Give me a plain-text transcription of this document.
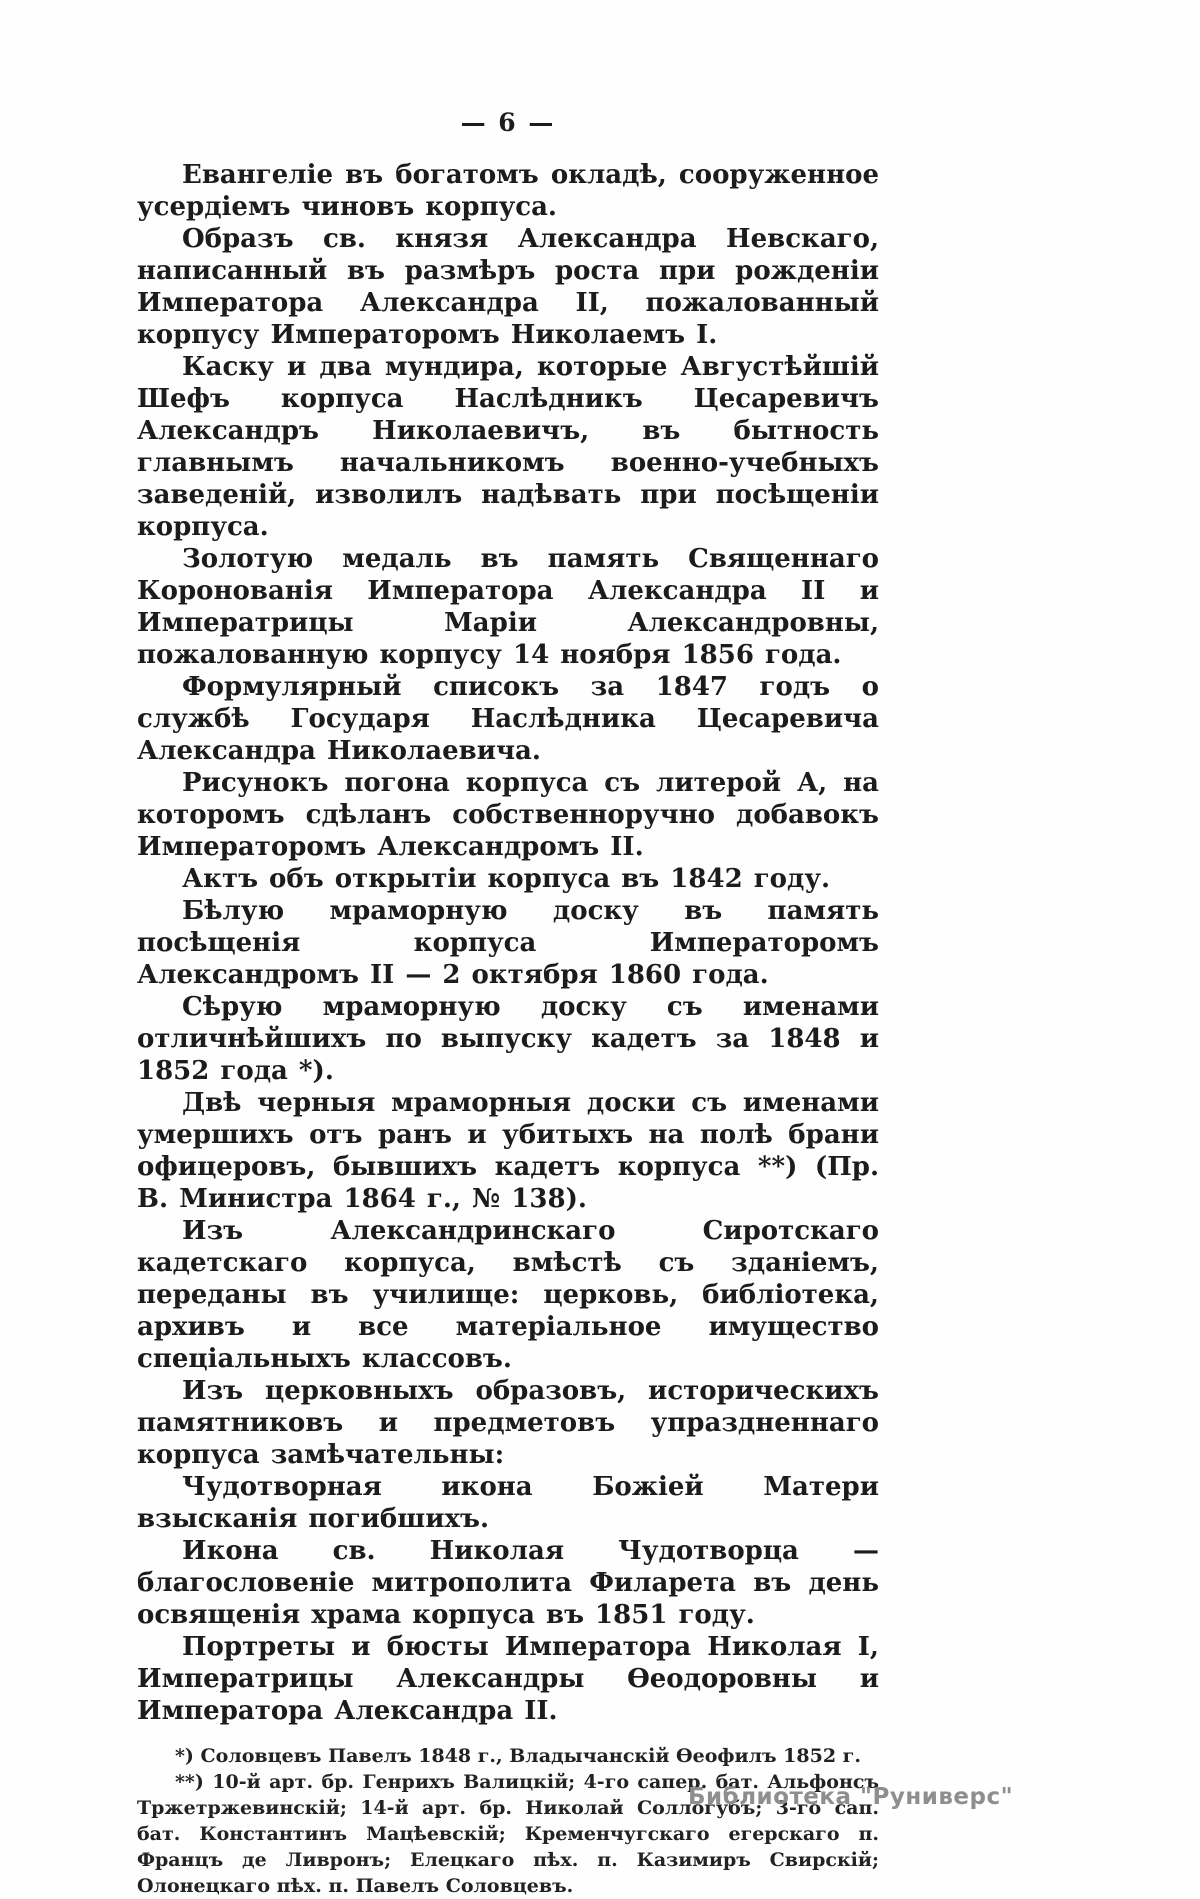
— 6 —

Евангеліе въ богатомъ окладѣ, сооруженное усердіемъ чиновъ корпуса.

Образъ св. князя Александра Невскаго, написанный въ размѣръ роста при рожденіи Императора Александра II, пожалованный корпусу Императоромъ Николаемъ I.

Каску и два мундира, которые Августѣйшій Шефъ корпуса Наслѣдникъ Цесаревичъ Александръ Николаевичъ, въ бытность главнымъ начальникомъ военно-учебныхъ заведеній, изволилъ надѣвать при посѣщеніи корпуса.

Золотую медаль въ память Священнаго Коронованія Императора Александра II и Императрицы Маріи Александровны, пожалованную корпусу 14 ноября 1856 года.

Формулярный списокъ за 1847 годъ о службѣ Государя Наслѣдника Цесаревича Александра Николаевича.

Рисунокъ погона корпуса съ литерой А, на которомъ сдѣланъ собственноручно добавокъ Императоромъ Александромъ II.

Актъ объ открытіи корпуса въ 1842 году.

Бѣлую мраморную доску въ память посѣщенія корпуса Императоромъ Александромъ II — 2 октября 1860 года.

Сѣрую мраморную доску съ именами отличнѣйшихъ по выпуску кадетъ за 1848 и 1852 года *).

Двѣ черныя мраморныя доски съ именами умершихъ отъ ранъ и убитыхъ на полѣ брани офицеровъ, бывшихъ кадетъ корпуса **) (Пр. В. Министра 1864 г., № 138).

Изъ Александринскаго Сиротскаго кадетскаго корпуса, вмѣстѣ съ зданіемъ, переданы въ училище: церковь, библіотека, архивъ и все матеріальное имущество спеціальныхъ классовъ.

Изъ церковныхъ образовъ, историческихъ памятниковъ и предметовъ упраздненнаго корпуса замѣчательны:

Чудотворная икона Божіей Матери взысканія погибшихъ.

Икона св. Николая Чудотворца — благословеніе митрополита Филарета въ день освященія храма корпуса въ 1851 году.

Портреты и бюсты Императора Николая I, Императрицы Александры Ѳеодоровны и Императора Александра II.

*) Соловцевъ Павелъ 1848 г., Владычанскій Ѳеофилъ 1852 г.

**) 10-й арт. бр. Генрихъ Валицкій; 4-го сапер. бат. Альфонсъ Тржетржевинскій; 14-й арт. бр. Николай Соллогубъ; 3-го сап. бат. Константинъ Мацѣевскій; Кременчугскаго егерскаго п. Францъ де Ливронъ; Елецкаго пѣх. п. Казимиръ Свирскій; Олонецкаго пѣх. п. Павелъ Соловцевъ.

Библиотека "Руниверс"
